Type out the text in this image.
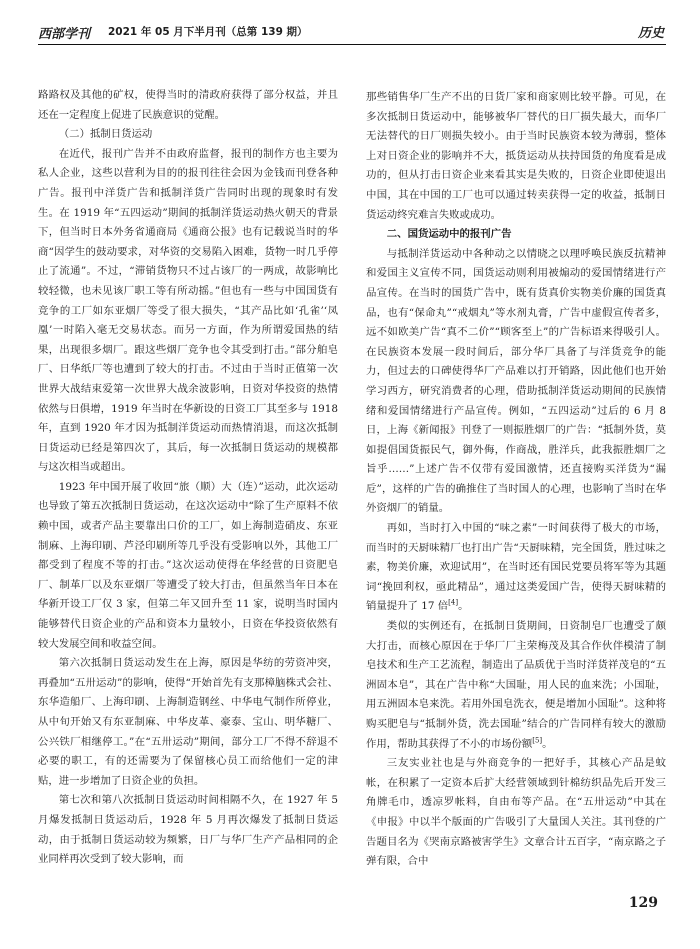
西部学刊 2021 年 05 月下半月刊（总第 139 期）	历史

路路权及其他的矿权，使得当时的清政府获得了部分权益，并且还在一定程度上促进了民族意识的觉醒。

（二）抵制日货运动

在近代，报刊广告并不由政府监督，报刊的制作方也主要为私人企业，这些以营利为目的的报刊往往会因为金钱而刊登各种广告。报刊中洋货广告和抵制洋货广告同时出现的现象时有发生。在 1919 年“五四运动”期间的抵制洋货运动热火朝天的背景下，但当时日本外务省通商局《通商公报》也有记载说当时的华商“因学生的鼓动要求，对华资的交易陷入困难，货物一时几乎停止了流通”。不过，“滞销货物只不过占该厂的一两成，故影响比较轻微，也未见该厂职工等有所动摇。”但也有一些与中国国货有竞争的工厂如东亚烟厂等受了很大损失，“其产品比如‘孔雀’‘凤凰’一时陷入毫无交易状态。而另一方面，作为所谓爱国热的结果，出现很多烟厂。跟这些烟厂竞争也令其受到打击。”部分舶皂厂、日华纸厂等也遭到了较大的打击。不过由于当时正值第一次世界大战结束爱第一次世界大战余波影响，日资对华投资的热情依然与日俱增，1919 年当时在华新设的日资工厂其至多与 1918 年，直到 1920 年才因为抵制洋货运动而热情消退，而这次抵制日货运动已经是第四次了，其后，每一次抵制日货运动的规模都与这次相当或超出。

1923 年中国开展了收回“旅（顺）大（连）”运动，此次运动也导致了第五次抵制日货运动，在这次运动中“除了生产原料不依赖中国，或者产品主要靠出口价的工厂，如上海制造硝皮、东亚制麻、上海印刷、芦泾印刷所等几乎没有受影响以外，其他工厂都受到了程度不等的打击。”这次运动使得在华经营的日资肥皂厂、制革厂以及东亚烟厂等遭受了较大打击，但虽然当年日本在华新开设工厂仅 3 家，但第二年又回升至 11 家，说明当时国内能够替代日资企业的产品和资本力量较小，日资在华投资依然有较大发展空间和收益空间。

第六次抵制日货运动发生在上海，原因是华纺的劳资冲突，再叠加“五卅运动”的影响，使得“开始首先有支那樟脑株式会社、东华造船厂、上海印刷、上海制造钢丝、中华电气制作所停业，从中旬开始又有东亚制麻、中华皮革、豪泰、宝山、明华糖厂、公兴铁厂相继停工。”在“五卅运动”期间，部分工厂不得不辞退不必要的职工，有的还需要为了保留核心员工而给他们一定的津贴，进一步增加了日资企业的负担。

第七次和第八次抵制日货运动时间相隔不久，在 1927 年 5 月爆发抵制日货运动后，1928 年 5 月再次爆发了抵制日货运动，由于抵制日货运动较为频繁，日厂与华厂生产产品相同的企业同样再次受到了较大影响，而

那些销售华厂生产不出的日货厂家和商家则比较平静。可见，在多次抵制日货运动中，能够被华厂替代的日厂损失最大，而华厂无法替代的日厂则损失较小。由于当时民族资本较为薄弱，整体上对日资企业的影响并不大，抵货运动从扶持国货的角度看是成功的，但从打击日资企业来看其实是失败的，日资企业即使退出中国，其在中国的工厂也可以通过转卖获得一定的收益，抵制日货运动终究难言失败或成功。

二、国货运动中的报刊广告

与抵制洋货运动中各种动之以情晓之以理呼唤民族反抗精神和爱国主义宣传不同，国货运动则利用被煽动的爱国情绪进行产品宣传。在当时的国货广告中，既有货真价实物美价廉的国货真品，也有“保命丸”“戒烟丸”等水剂丸膏，广告中虚假宣传者多，远不如欧美广告“真不二价”“顾客至上”的广告标语来得吸引人。在民族资本发展一段时间后，部分华厂具备了与洋货竞争的能力，但过去的口碑使得华厂产品难以打开销路，因此他们也开始学习西方，研究消费者的心理，借助抵制洋货运动期间的民族情绪和爱国情绪进行产品宣传。例如，“五四运动”过后的 6 月 8 日，上海《新闻报》刊登了一则振胜烟厂的广告：“抵制外货，莫如提倡国货振民气，御外侮，作商战，胜洋兵，此我振胜烟厂之旨乎……”上述广告不仅带有爱国激情，还直接购买洋货为“漏卮”，这样的广告的确推住了当时国人的心理，也影响了当时在华外资烟厂的销量。

再如，当时打入中国的“味之素”一时间获得了极大的市场，而当时的天厨味精厂也打出广告“天厨味精，完全国货，胜过味之素，物美价廉，欢迎试用”，在当时还有国民党要员将军等为其题词“挽回利权，亟此精品”，通过这类爱国广告，使得天厨味精的销量提升了 17 倍[4]。

类似的实例还有，在抵制日货期间，日资制皂厂也遭受了颇大打击，而核心原因在于华厂厂主荣梅茂及其合作伙伴模清了制皂技术和生产工艺流程，制造出了品质优于当时洋货祥茂皂的“五洲固本皂”，其在广告中称“大国耻，用人民的血来洗；小国耻，用五洲固本皂来洗。若用外国皂洗衣，便是增加小国耻”。这种将购买肥皂与“抵制外货，洗去国耻”结合的广告同样有较大的激励作用，帮助其获得了不小的市场份额[5]。

三友实业社也是与外商竞争的一把好手，其核心产品是蚊帐，在积累了一定资本后扩大经营领域到针棉纺织品先后开发三角牌毛巾，透凉罗帐料，自由布等产品。在“五卅运动”中其在《申报》中以半个版面的广告吸引了大量国人关注。其刊登的广告题目名为《哭南京路被害学生》文章合计五百字，“南京路之子弹有限，合中

129
